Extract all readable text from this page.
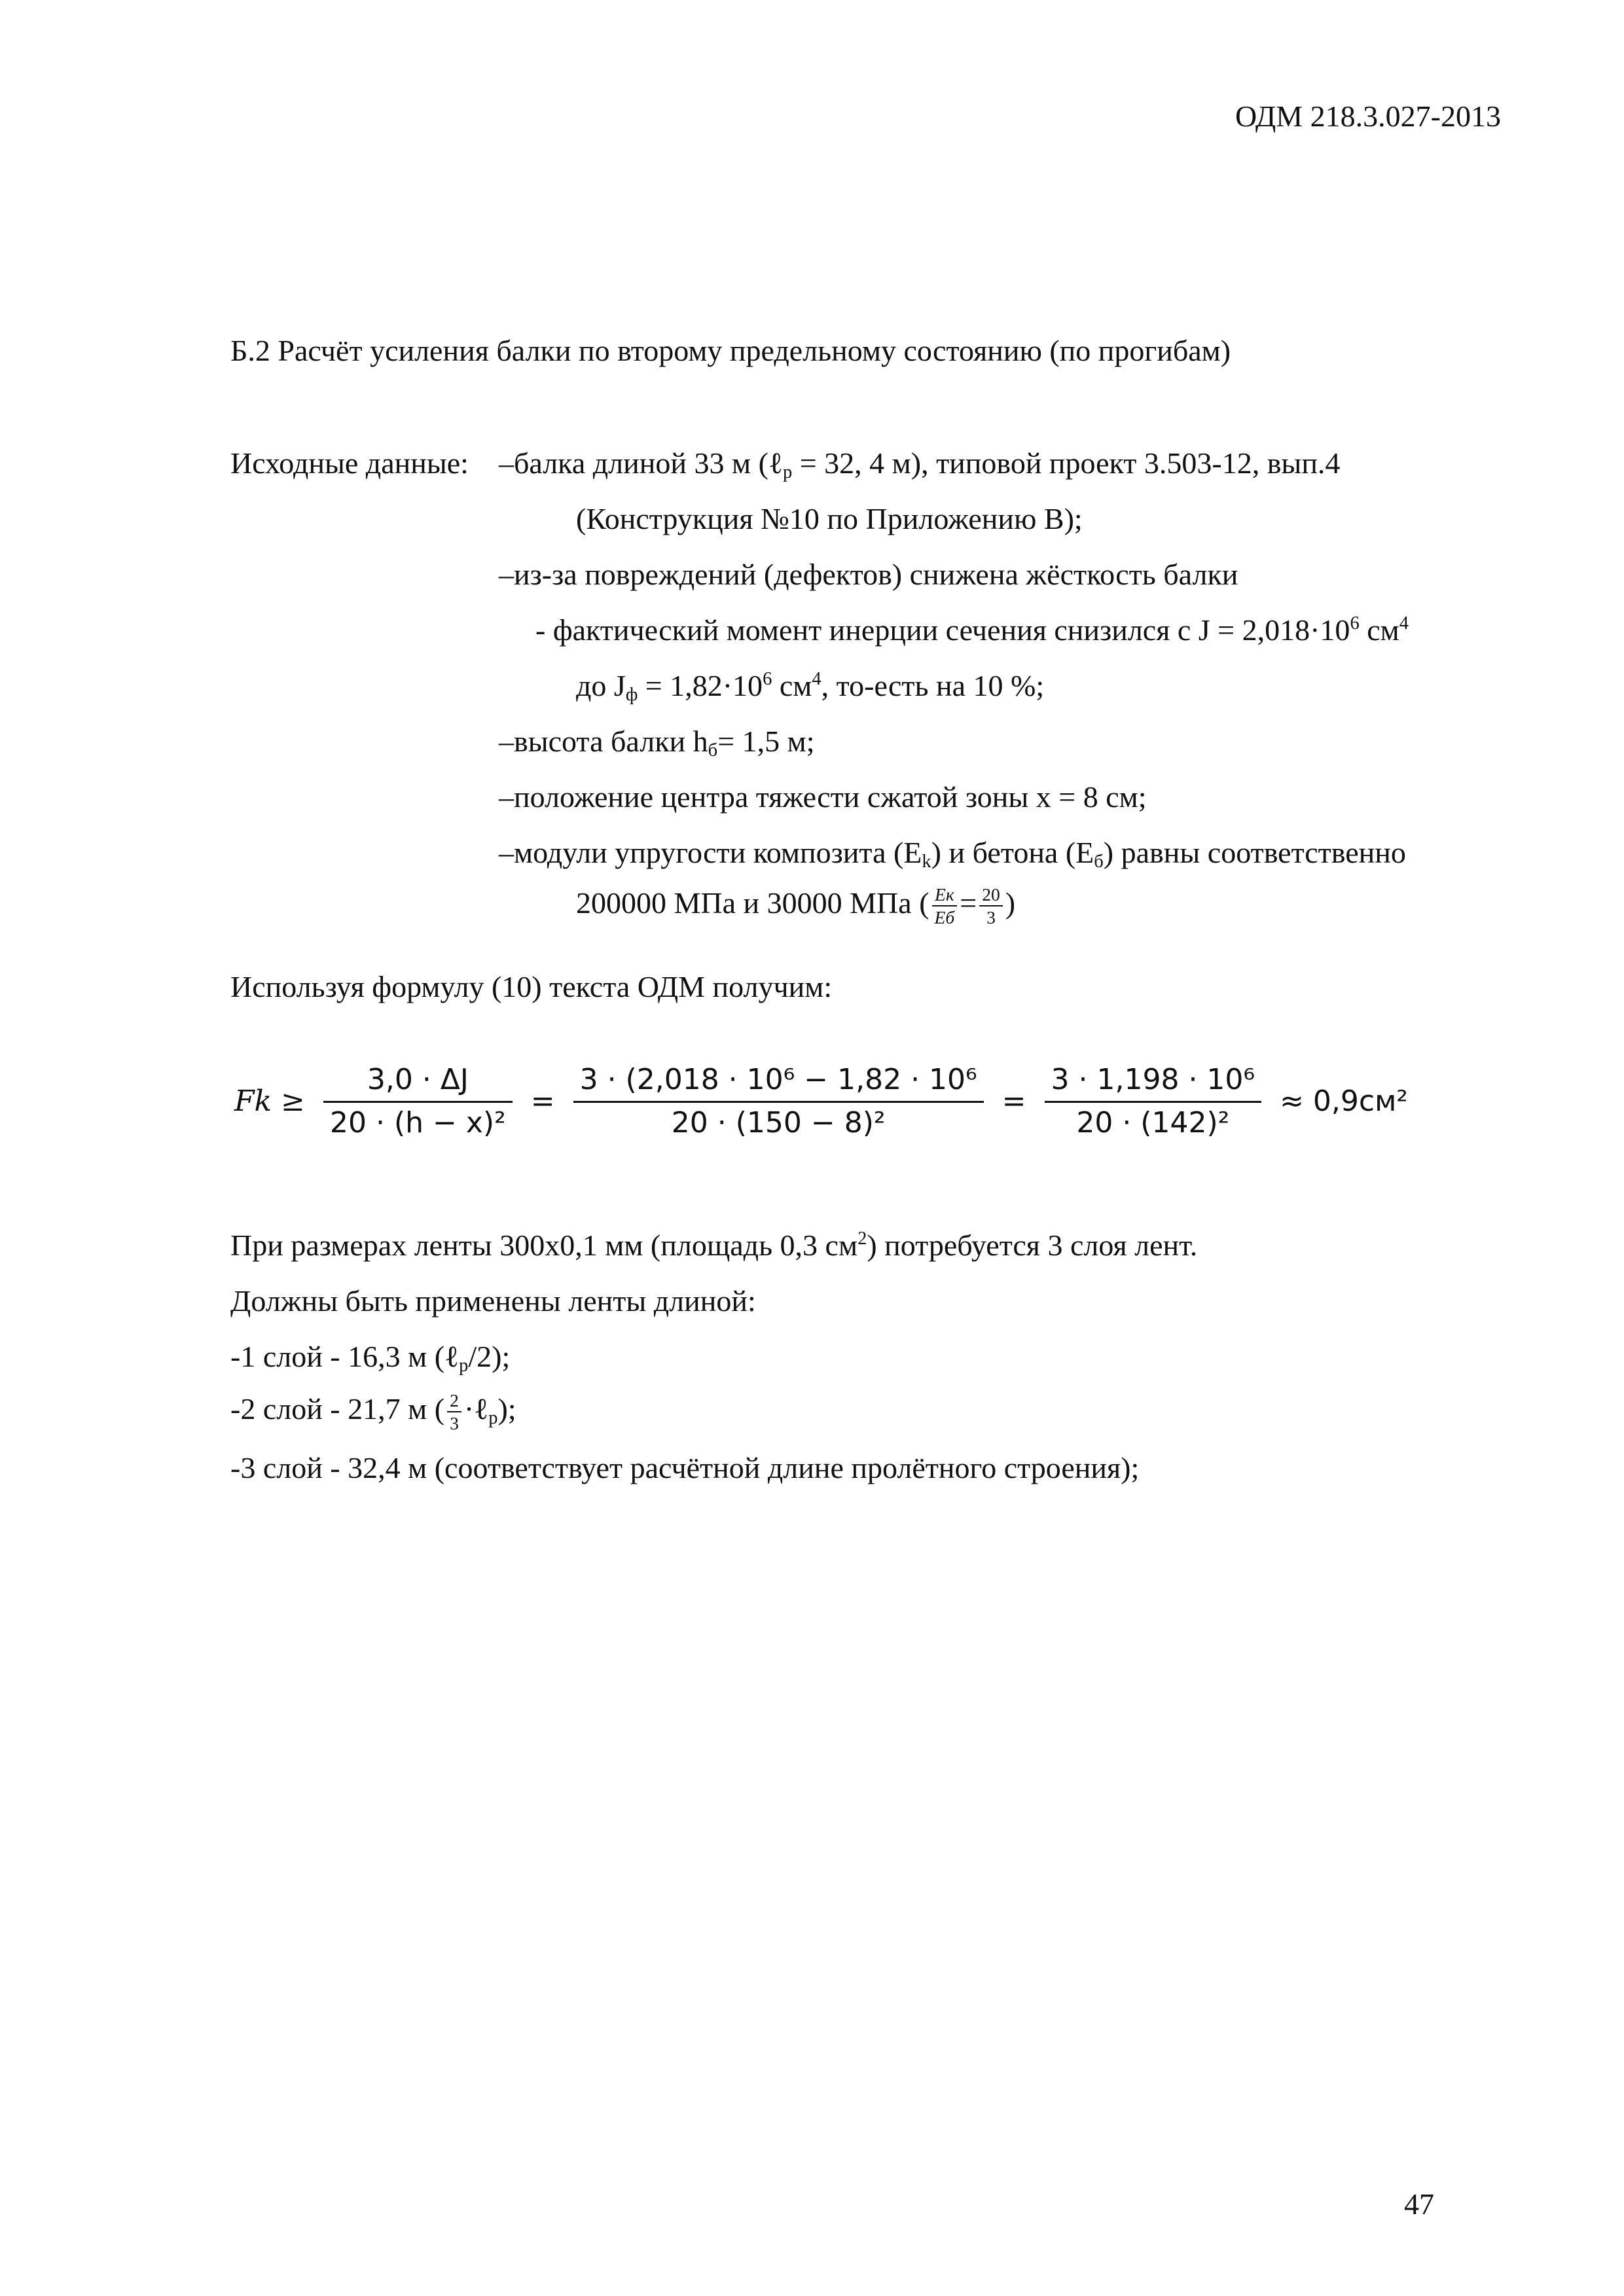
ОДМ 218.3.027-2013
Б.2 Расчёт усиления балки по второму предельному состоянию (по прогибам)
Исходные данные: –балка длиной 33 м (ℓ$_р$ = 32, 4 м), типовой проект 3.503-12, вып.4
(Конструкция №10 по Приложению В);
–из-за повреждений (дефектов) снижена жёсткость балки
- фактический момент инерции сечения снизился с $J = 2,018\cdot 10^6$ $см^4$
до $J_ф = 1,82\cdot 10^6$ $см^4$, то-есть на 10 %;
–высота балки $h_б= 1,5$ м;
–положение центра тяжести сжатой зоны x = 8 см;
–модули упругости композита $(E_k)$ и бетона $(E_б)$ равны соответственно
200000 МПа и 30000 МПа ( $\frac{Eк}{Eб} = \frac{20}{3}$ )
Используя формулу (10) текста ОДМ получим:
$Fk \ge \frac{3,0 \cdot \Delta J}{\text{20 · (h − x)²}} = \frac{\text{3 · (2,018 · 10⁶ − 1,82 · 10⁶}}{\text{20 · (150 − 8)²}} = \frac{\text{3 · 1,198 · 10⁶}}{\text{20 · (142)²}} \approx 0,9см^2$
При размерах ленты 300х0,1 мм (площадь 0,3 $см^2$) потребуется 3 слоя лент.
Должны быть применены ленты длиной:
-1 слой - 16,3 м (ℓ$_р$/2);
-2 слой - 21,7 м ( $\frac{2}{3}$ ·ℓ$_р$);
-3 слой - 32,4 м (соответствует расчётной длине пролётного строения);
47
